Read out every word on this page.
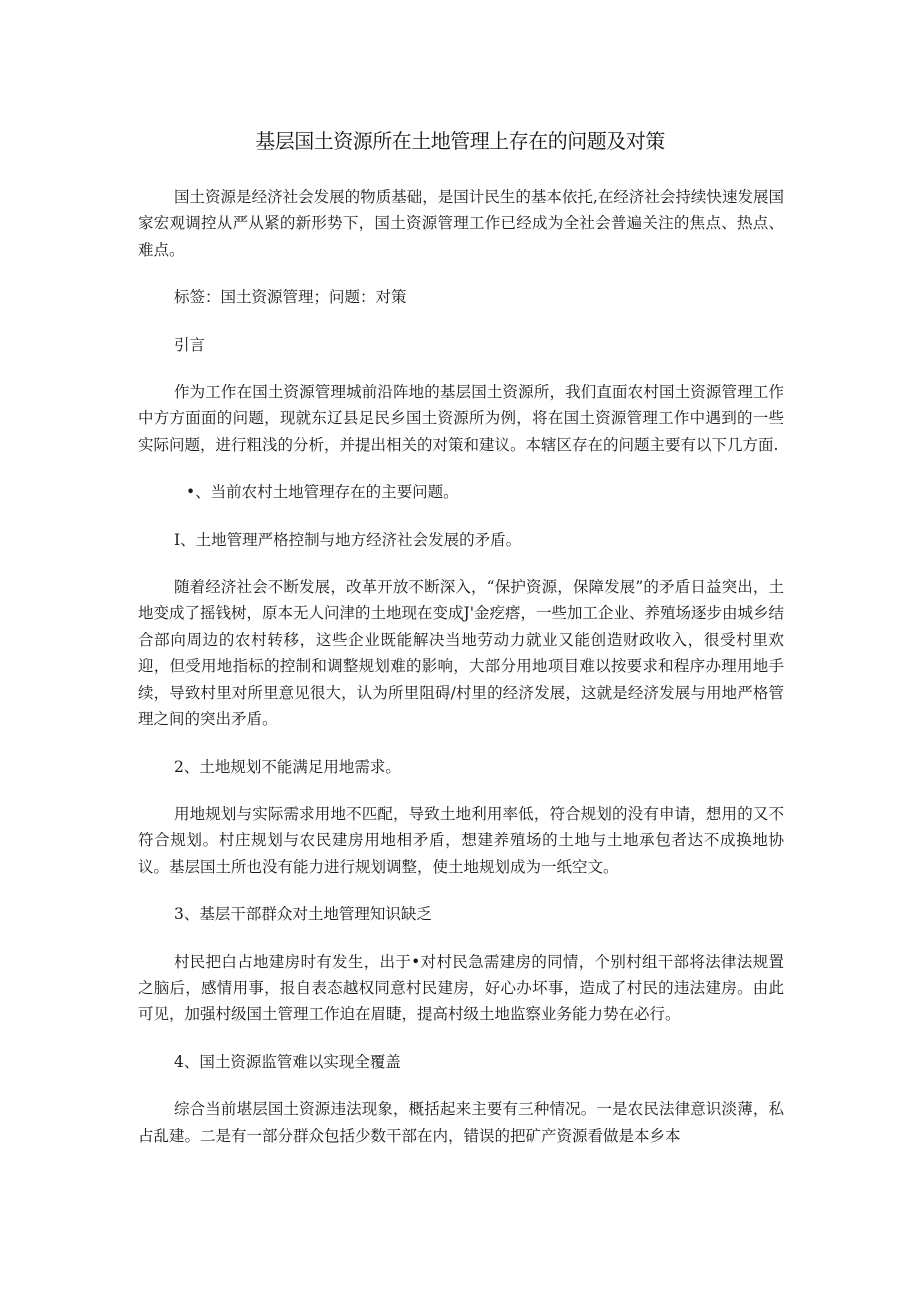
基层国土资源所在土地管理上存在的问题及对策

国土资源是经济社会发展的物质基础，是国计民生的基本依托,在经济社会持续快速发展国家宏观调控从严从紧的新形势下，国土资源管理工作已经成为全社会普遍关注的焦点、热点、难点。

标签：国土资源管理；问题：对策

引言

作为工作在国土资源管理城前沿阵地的基层国土资源所，我们直面农村国土资源管理工作中方方面面的问题，现就东辽县足民乡国土资源所为例，将在国土资源管理工作中遇到的一些实际问题，进行粗浅的分析，并提出相关的对策和建议。本辖区存在的问题主要有以下几方面.

•、当前农村土地管理存在的主要问题。

I、土地管理严格控制与地方经济社会发展的矛盾。

随着经济社会不断发展，改革开放不断深入，“保护资源，保障发展”的矛盾日益突出，土地变成了摇钱树，原本无人问津的土地现在变成J'金疙瘩，一些加工企业、养殖场逐步由城乡结合部向周边的农村转移，这些企业既能解决当地劳动力就业又能创造财政收入，很受村里欢迎，但受用地指标的控制和调整规划难的影响，大部分用地项目难以按要求和程序办理用地手续，导致村里对所里意见很大，认为所里阻碍/村里的经济发展，这就是经济发展与用地严格管理之间的突出矛盾。

2、土地规划不能满足用地需求。

用地规划与实际需求用地不匹配，导致土地利用率低，符合规划的没有申请，想用的又不符合规划。村庄规划与农民建房用地相矛盾，想建养殖场的土地与土地承包者达不成换地协议。基层国土所也没有能力进行规划调整，使土地规划成为一纸空文。

3、基层干部群众对土地管理知识缺乏

村民把白占地建房时有发生，出于•对村民急需建房的同情，个别村组干部将法律法规置之脑后，感情用事，报自表态越权同意村民建房，好心办坏事，造成了村民的违法建房。由此可见，加强村级国土管理工作迫在眉睫，提高村级土地监察业务能力势在必行。

4、国土资源监管难以实现全覆盖

综合当前堪层国土资源违法现象，概括起来主要有三种情况。一是农民法律意识淡薄，私占乱建。二是有一部分群众包括少数干部在内，错误的把矿产资源看做是本乡本
